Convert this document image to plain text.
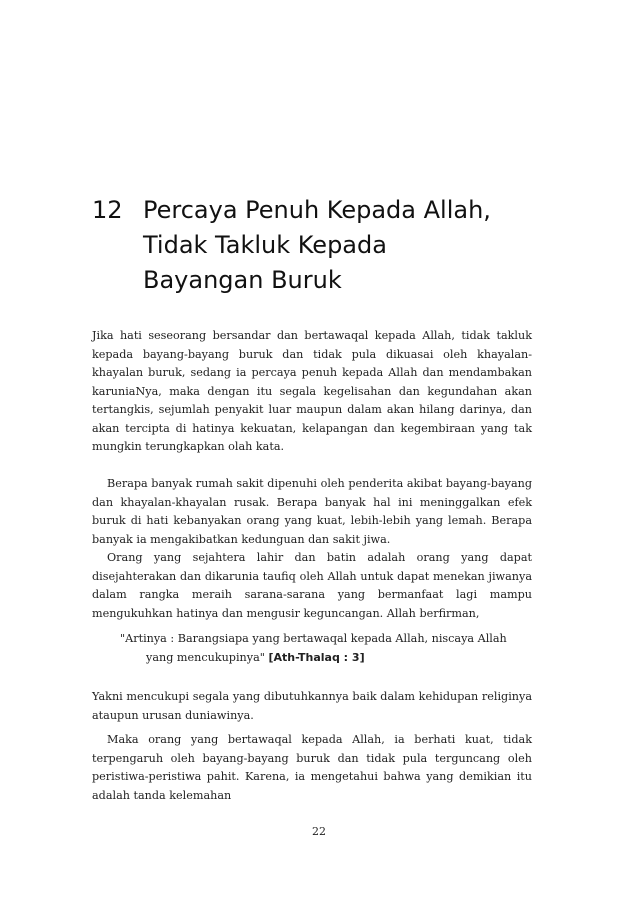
12 Percaya Penuh Kepada Allah,
Tidak Takluk Kepada
Bayangan Buruk

Jika hati seseorang bersandar dan bertawaqal kepada Allah, tidak takluk kepada bayang-bayang buruk dan tidak pula dikuasai oleh khayalan-khayalan buruk, sedang ia percaya penuh kepada Allah dan mendambakan karuniaNya, maka dengan itu segala kegelisahan dan kegundahan akan tertangkis, sejumlah penyakit luar maupun dalam akan hilang darinya, dan akan tercipta di hatinya kekuatan, kelapangan dan kegembiraan yang tak mungkin terungkapkan olah kata.

Berapa banyak rumah sakit dipenuhi oleh penderita akibat bayang-bayang dan khayalan-khayalan rusak. Berapa banyak hal ini meninggalkan efek buruk di hati kebanyakan orang yang kuat, lebih-lebih yang lemah. Berapa banyak ia mengakibatkan kedunguan dan sakit jiwa.

Orang yang sejahtera lahir dan batin adalah orang yang dapat disejahterakan dan dikarunia taufiq oleh Allah untuk dapat menekan jiwanya dalam rangka meraih sarana-sarana yang bermanfaat lagi mampu mengukuhkan hatinya dan mengusir keguncangan. Allah berfirman,

"Artinya : Barangsiapa yang bertawaqal kepada Allah, niscaya Allah
yang mencukupinya" [Ath-Thalaq : 3]

Yakni mencukupi segala yang dibutuhkannya baik dalam kehidupan religinya ataupun urusan duniawinya.

Maka orang yang bertawaqal kepada Allah, ia berhati kuat, tidak terpengaruh oleh bayang-bayang buruk dan tidak pula terguncang oleh peristiwa-peristiwa pahit. Karena, ia mengetahui bahwa yang demikian itu adalah tanda kelemahan

22
